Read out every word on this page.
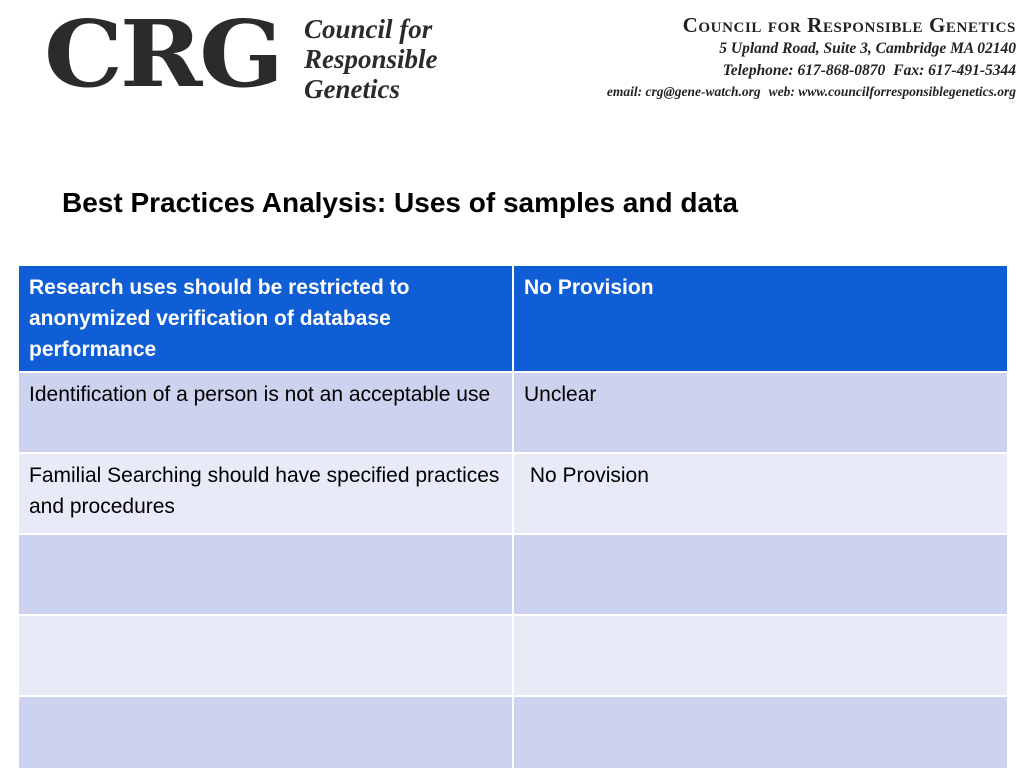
CRG Council for
Responsible
Genetics
Council for Responsible Genetics
5 Upland Road, Suite 3, Cambridge MA 02140
Telephone: 617-868-0870 Fax: 617-491-5344
email: crg@gene-watch.org web: www.councilforresponsiblegenetics.org
Best Practices Analysis: Uses of samples and data
Research uses should be restricted to anonymized verification of database performance	No Provision
Identification of a person is not an acceptable use	Unclear
Familial Searching should have specified practices and procedures	No Provision
